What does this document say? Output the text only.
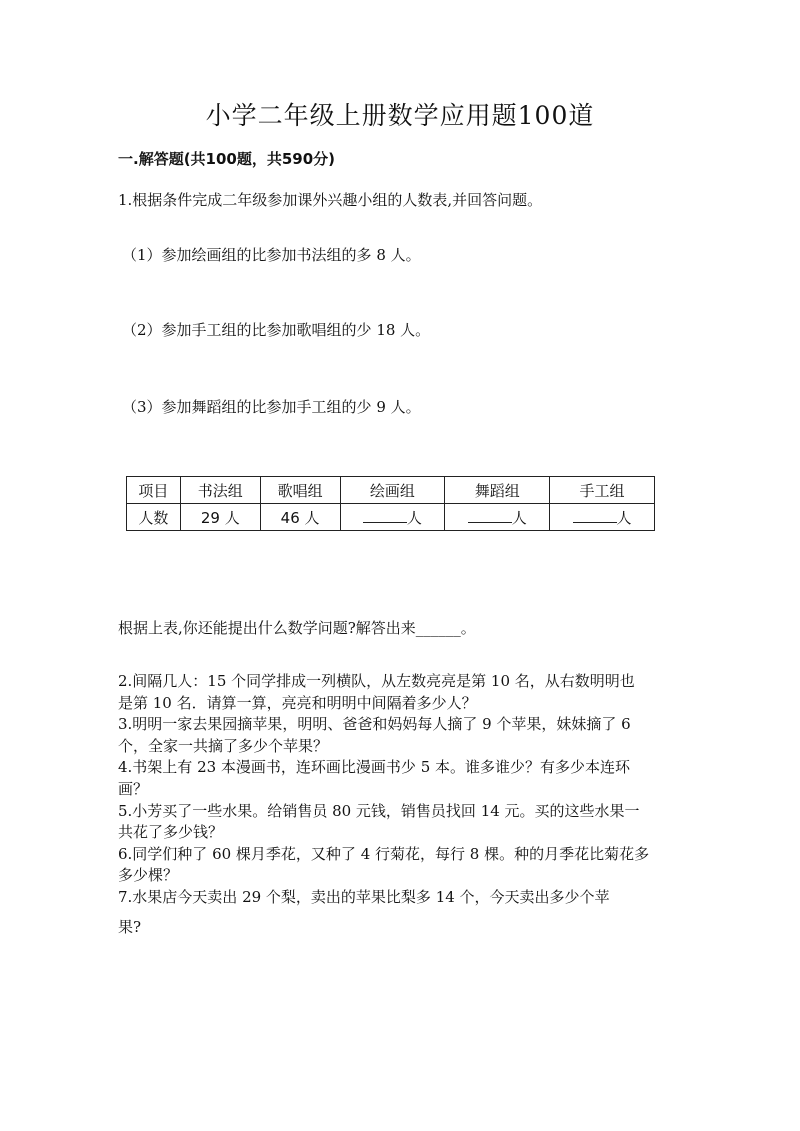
小学二年级上册数学应用题100道
一.解答题(共100题，共590分)
1.根据条件完成二年级参加课外兴趣小组的人数表,并回答问题。
（1）参加绘画组的比参加书法组的多 8 人。
（2）参加手工组的比参加歌唱组的少 18 人。
（3）参加舞蹈组的比参加手工组的少 9 人。
项目	书法组	歌唱组	绘画组	舞蹈组	手工组
人数	29 人	46 人	人	人	人
根据上表,你还能提出什么数学问题?解答出来______。
2.间隔几人：15 个同学排成一列横队，从左数亮亮是第 10 名，从右数明明也
是第 10 名．请算一算，亮亮和明明中间隔着多少人？
3.明明一家去果园摘苹果，明明、爸爸和妈妈每人摘了 9 个苹果，妹妹摘了 6
个，全家一共摘了多少个苹果？
4.书架上有 23 本漫画书，连环画比漫画书少 5 本。谁多谁少？有多少本连环
画？
5.小芳买了一些水果。给销售员 80 元钱，销售员找回 14 元。买的这些水果一
共花了多少钱？
6.同学们种了 60 棵月季花，又种了 4 行菊花，每行 8 棵。种的月季花比菊花多
多少棵？
7.水果店今天卖出 29 个梨，卖出的苹果比梨多 14 个，今天卖出多少个苹
果?
